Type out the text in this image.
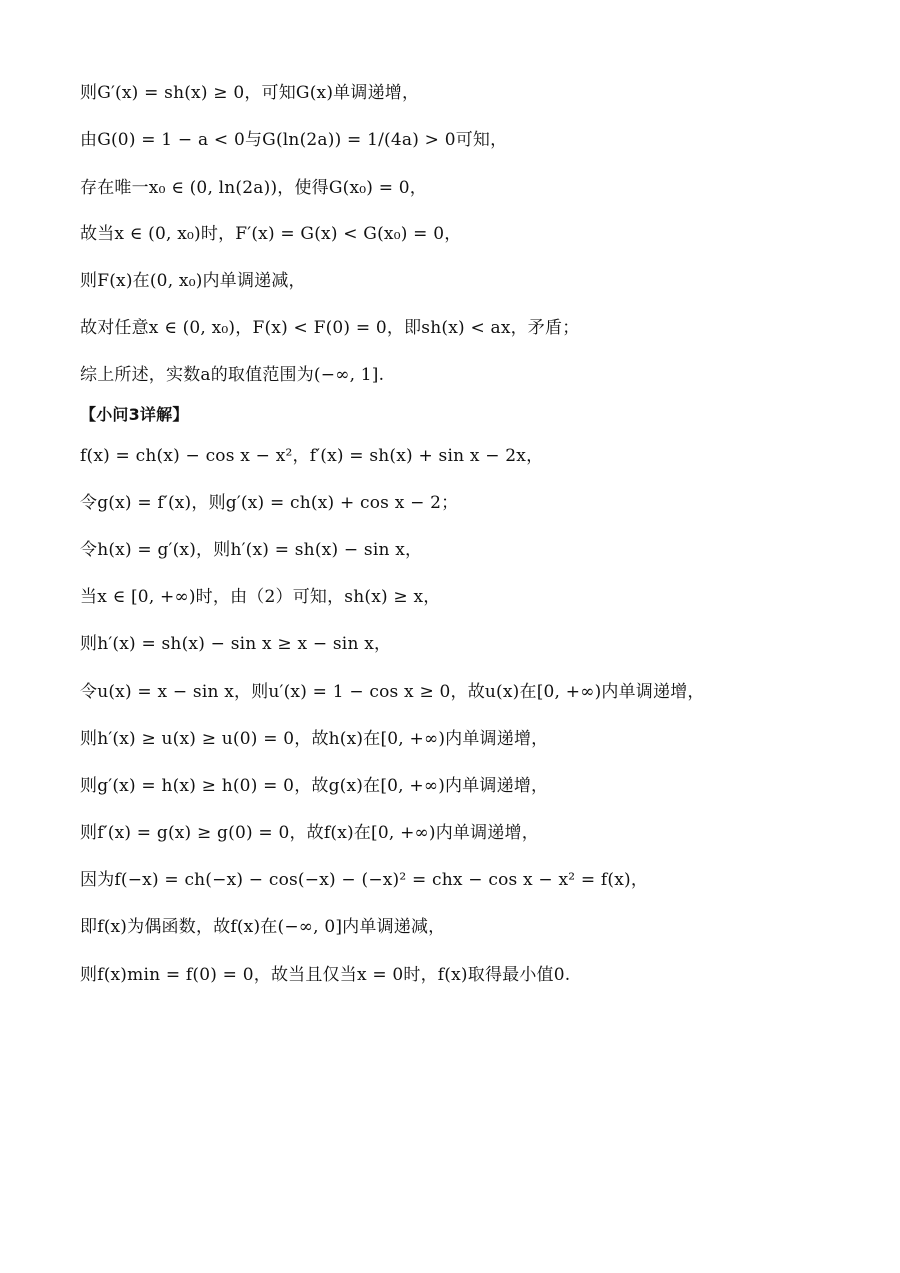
则G′(x) = sh(x) ≥ 0，可知G(x)单调递增，
由G(0) = 1 − a < 0与G(ln(2a)) = 1/(4a) > 0可知，
存在唯一x₀ ∈ (0, ln(2a))，使得G(x₀) = 0，
故当x ∈ (0, x₀)时，F′(x) = G(x) < G(x₀) = 0，
则F(x)在(0, x₀)内单调递减，
故对任意x ∈ (0, x₀)，F(x) < F(0) = 0，即sh(x) < ax，矛盾；
综上所述，实数a的取值范围为(−∞, 1].
【小问3详解】
f(x) = ch(x) − cos x − x²，f′(x) = sh(x) + sin x − 2x，
令g(x) = f′(x)，则g′(x) = ch(x) + cos x − 2；
令h(x) = g′(x)，则h′(x) = sh(x) − sin x，
当x ∈ [0, +∞)时，由（2）可知，sh(x) ≥ x，
则h′(x) = sh(x) − sin x ≥ x − sin x，
令u(x) = x − sin x，则u′(x) = 1 − cos x ≥ 0，故u(x)在[0, +∞)内单调递增，
则h′(x) ≥ u(x) ≥ u(0) = 0，故h(x)在[0, +∞)内单调递增，
则g′(x) = h(x) ≥ h(0) = 0，故g(x)在[0, +∞)内单调递增，
则f′(x) = g(x) ≥ g(0) = 0，故f(x)在[0, +∞)内单调递增，
因为f(−x) = ch(−x) − cos(−x) − (−x)² = chx − cos x − x² = f(x)，
即f(x)为偶函数，故f(x)在(−∞, 0]内单调递减，
则f(x)min = f(0) = 0，故当且仅当x = 0时，f(x)取得最小值0.
